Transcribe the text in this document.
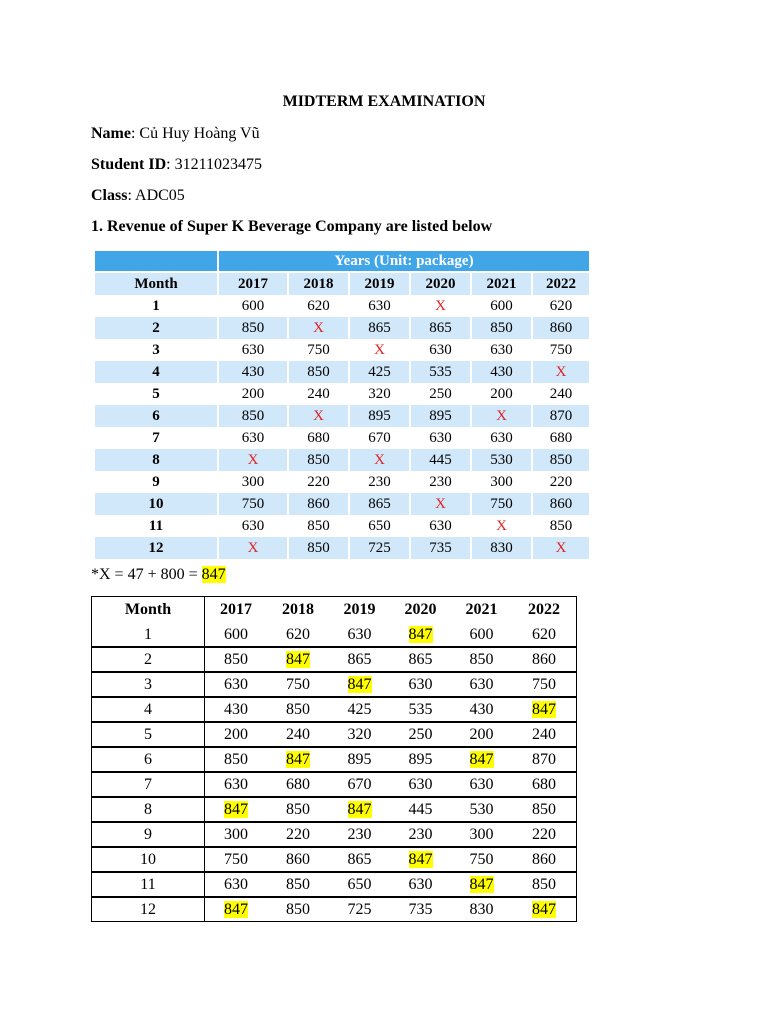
MIDTERM EXAMINATION
Name: Củ Huy Hoàng Vũ
Student ID: 31211023475
Class: ADC05
1. Revenue of Super K Beverage Company are listed below
	Years (Unit: package)					
Month	2017	2018	2019	2020	2021	2022
1	600	620	630	X	600	620
2	850	X	865	865	850	860
3	630	750	X	630	630	750
4	430	850	425	535	430	X
5	200	240	320	250	200	240
6	850	X	895	895	X	870
7	630	680	670	630	630	680
8	X	850	X	445	530	850
9	300	220	230	230	300	220
10	750	860	865	X	750	860
11	630	850	650	630	X	850
12	X	850	725	735	830	X
*X = 47 + 800 = 847
Month	2017	2018	2019	2020	2021	2022
1	600	620	630	847	600	620
2	850	847	865	865	850	860
3	630	750	847	630	630	750
4	430	850	425	535	430	847
5	200	240	320	250	200	240
6	850	847	895	895	847	870
7	630	680	670	630	630	680
8	847	850	847	445	530	850
9	300	220	230	230	300	220
10	750	860	865	847	750	860
11	630	850	650	630	847	850
12	847	850	725	735	830	847
